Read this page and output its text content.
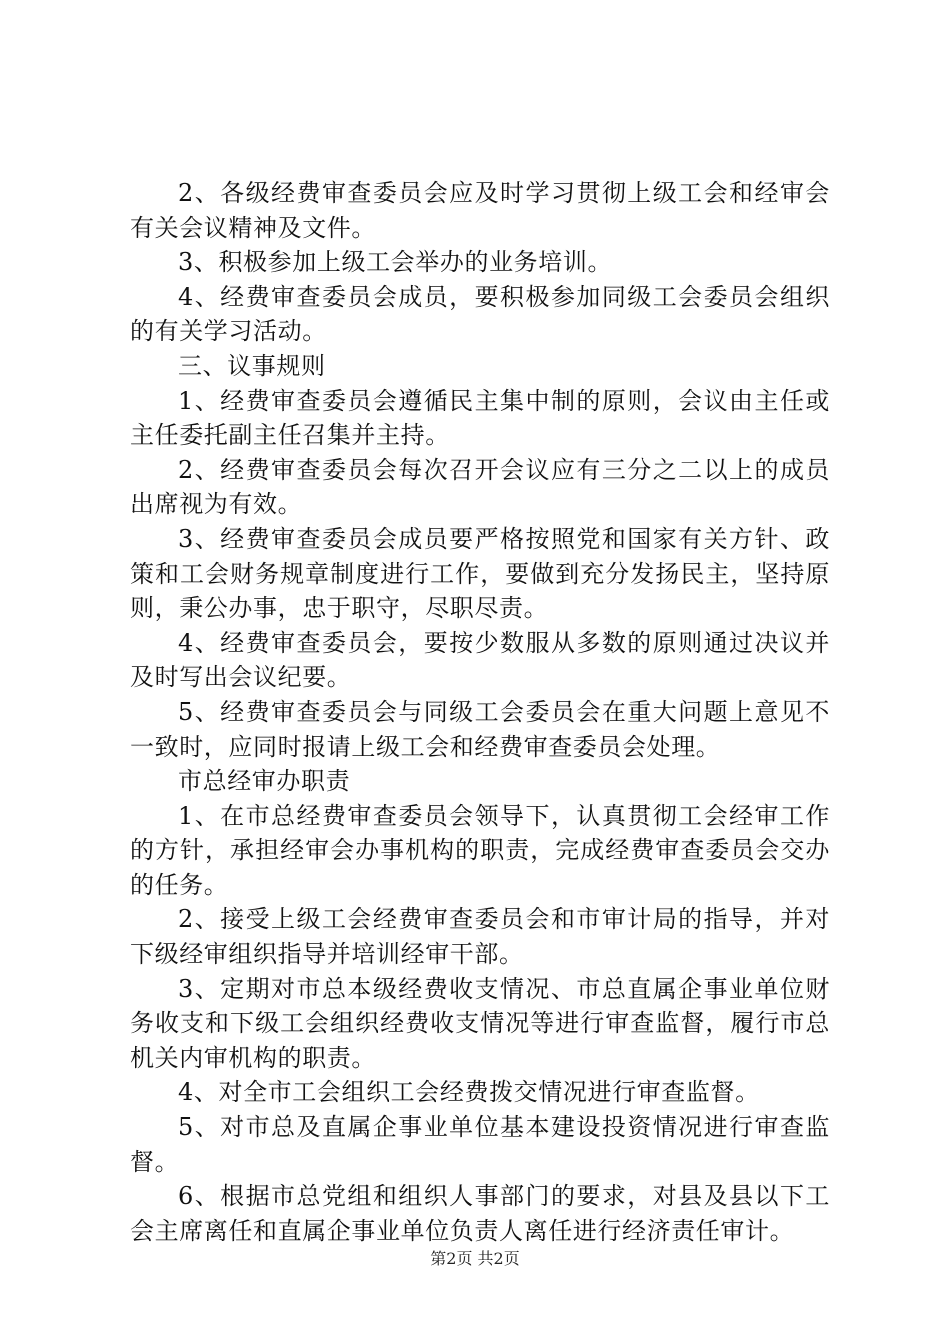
2、各级经费审查委员会应及时学习贯彻上级工会和经审会有关会议精神及文件。

3、积极参加上级工会举办的业务培训。

4、经费审查委员会成员，要积极参加同级工会委员会组织的有关学习活动。

三、议事规则

1、经费审查委员会遵循民主集中制的原则，会议由主任或主任委托副主任召集并主持。

2、经费审查委员会每次召开会议应有三分之二以上的成员出席视为有效。

3、经费审查委员会成员要严格按照党和国家有关方针、政策和工会财务规章制度进行工作，要做到充分发扬民主，坚持原则，秉公办事，忠于职守，尽职尽责。

4、经费审查委员会，要按少数服从多数的原则通过决议并及时写出会议纪要。

5、经费审查委员会与同级工会委员会在重大问题上意见不一致时，应同时报请上级工会和经费审查委员会处理。

市总经审办职责

1、在市总经费审查委员会领导下，认真贯彻工会经审工作的方针，承担经审会办事机构的职责，完成经费审查委员会交办的任务。

2、接受上级工会经费审查委员会和市审计局的指导，并对下级经审组织指导并培训经审干部。

3、定期对市总本级经费收支情况、市总直属企事业单位财务收支和下级工会组织经费收支情况等进行审查监督，履行市总机关内审机构的职责。

4、对全市工会组织工会经费拨交情况进行审查监督。

5、对市总及直属企事业单位基本建设投资情况进行审查监督。

6、根据市总党组和组织人事部门的要求，对县及县以下工会主席离任和直属企事业单位负责人离任进行经济责任审计。

第2页 共2页
